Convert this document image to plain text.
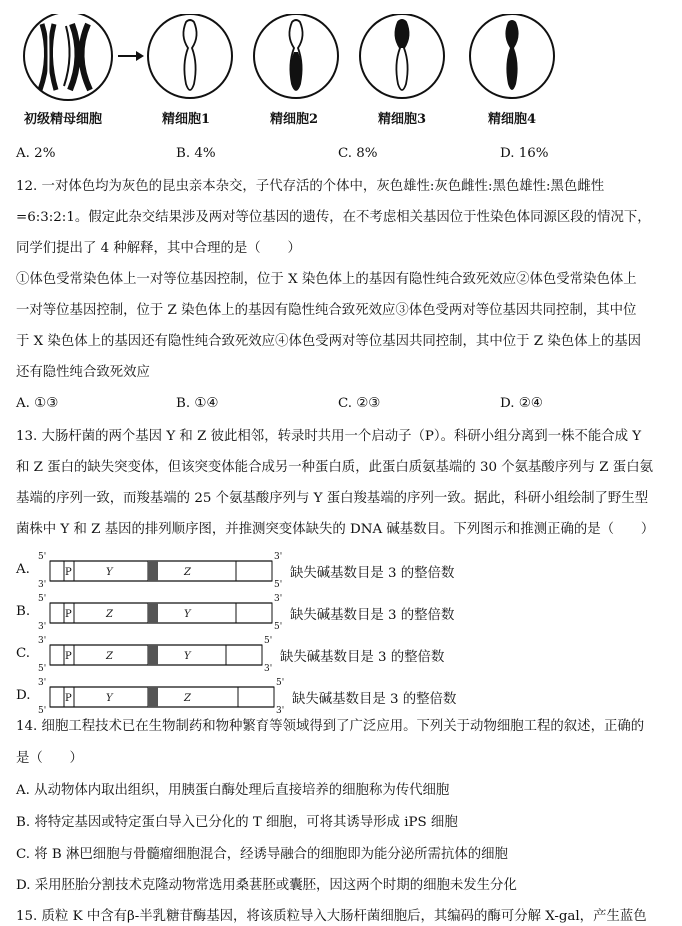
初级精母细胞	精细胞1	精细胞2	精细胞3	精细胞4
A. 2%	B. 4%	C. 8%	D. 16%
12. 一对体色均为灰色的昆虫亲本杂交，子代存活的个体中，灰色雄性:灰色雌性:黑色雄性:黑色雌性
=6:3:2:1。假定此杂交结果涉及两对等位基因的遗传，在不考虑相关基因位于性染色体同源区段的情况下，
同学们提出了 4 种解释，其中合理的是（　　）
①体色受常染色体上一对等位基因控制，位于 X 染色体上的基因有隐性纯合致死效应②体色受常染色体上
一对等位基因控制，位于 Z 染色体上的基因有隐性纯合致死效应③体色受两对等位基因共同控制，其中位
于 X 染色体上的基因还有隐性纯合致死效应④体色受两对等位基因共同控制，其中位于 Z 染色体上的基因
还有隐性纯合致死效应
A. ①③	B. ①④	C. ②③	D. ②④
13. 大肠杆菌的两个基因 Y 和 Z 彼此相邻，转录时共用一个启动子（P）。科研小组分离到一株不能合成 Y
和 Z 蛋白的缺失突变体，但该突变体能合成另一种蛋白质，此蛋白质氨基端的 30 个氨基酸序列与 Z 蛋白氨
基端的序列一致，而羧基端的 25 个氨基酸序列与 Y 蛋白羧基端的序列一致。据此，科研小组绘制了野生型
菌株中 Y 和 Z 基因的排列顺序图，并推测突变体缺失的 DNA 碱基数目。下列图示和推测正确的是（　　）
A.
5'
3'
3'
5'
P	Y	Z	缺失碱基数目是 3 的整倍数
B.
5'
3'
3'
5'
P	Z	Y	缺失碱基数目是 3 的整倍数
C.
3'
5'
5'
3'
P	Z	Y	缺失碱基数目是 3 的整倍数
D.
3'
5'
5'
3'
P	Y	Z	缺失碱基数目是 3 的整倍数
14. 细胞工程技术已在生物制药和物种繁育等领域得到了广泛应用。下列关于动物细胞工程的叙述，正确的
是（　　）
A. 从动物体内取出组织，用胰蛋白酶处理后直接培养的细胞称为传代细胞
B. 将特定基因或特定蛋白导入已分化的 T 细胞，可将其诱导形成 iPS 细胞
C. 将 B 淋巴细胞与骨髓瘤细胞混合，经诱导融合的细胞即为能分泌所需抗体的细胞
D. 采用胚胎分割技术克隆动物常选用桑葚胚或囊胚，因这两个时期的细胞未发生分化
15. 质粒 K 中含有β-半乳糖苷酶基因，将该质粒导入大肠杆菌细胞后，其编码的酶可分解 X-gal，产生蓝色
